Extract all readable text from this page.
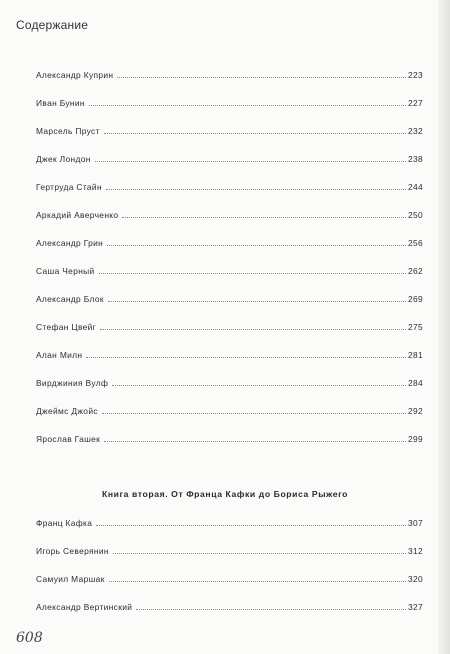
Содержание
Александр Куприн	223
Иван Бунин	227
Марсель Пруст	232
Джек Лондон	238
Гертруда Стайн	244
Аркадий Аверченко	250
Александр Грин	256
Саша Черный	262
Александр Блок	269
Стефан Цвейг	275
Алан Милн	281
Вирджиния Вулф	284
Джеймс Джойс	292
Ярослав Гашек	299
Книга вторая. От Франца Кафки до Бориса Рыжего
Франц Кафка	307
Игорь Северянин	312
Самуил Маршак	320
Александр Вертинский	327
608
